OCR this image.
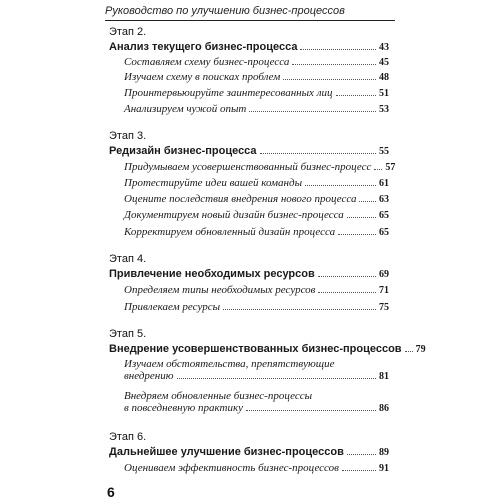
Руководство по улучшению бизнес-процессов
Этап 2.
Анализ текущего бизнес-процесса	43
Составляем схему бизнес-процесса	45
Изучаем схему в поисках проблем	48
Проинтервьюируйте заинтересованных лиц	51
Анализируем чужой опыт	53
Этап 3.
Редизайн бизнес-процесса	55
Придумываем усовершенствованный бизнес-процесс 57
Протестируйте идеи вашей команды	61
Оцените последствия внедрения нового процесса 63
Документируем новый дизайн бизнес-процесса	65
Корректируем обновленный дизайн процесса	65
Этап 4.
Привлечение необходимых ресурсов	69
Определяем типы необходимых ресурсов	71
Привлекаем ресурсы	75
Этап 5.
Внедрение усовершенствованных бизнес-процессов 79
Изучаем обстоятельства, препятствующие
внедрению	81
Внедряем обновленные бизнес-процессы
в повседневную практику	86
Этап 6.
Дальнейшее улучшение бизнес-процессов	89
Оцениваем эффективность бизнес-процессов	91
6
